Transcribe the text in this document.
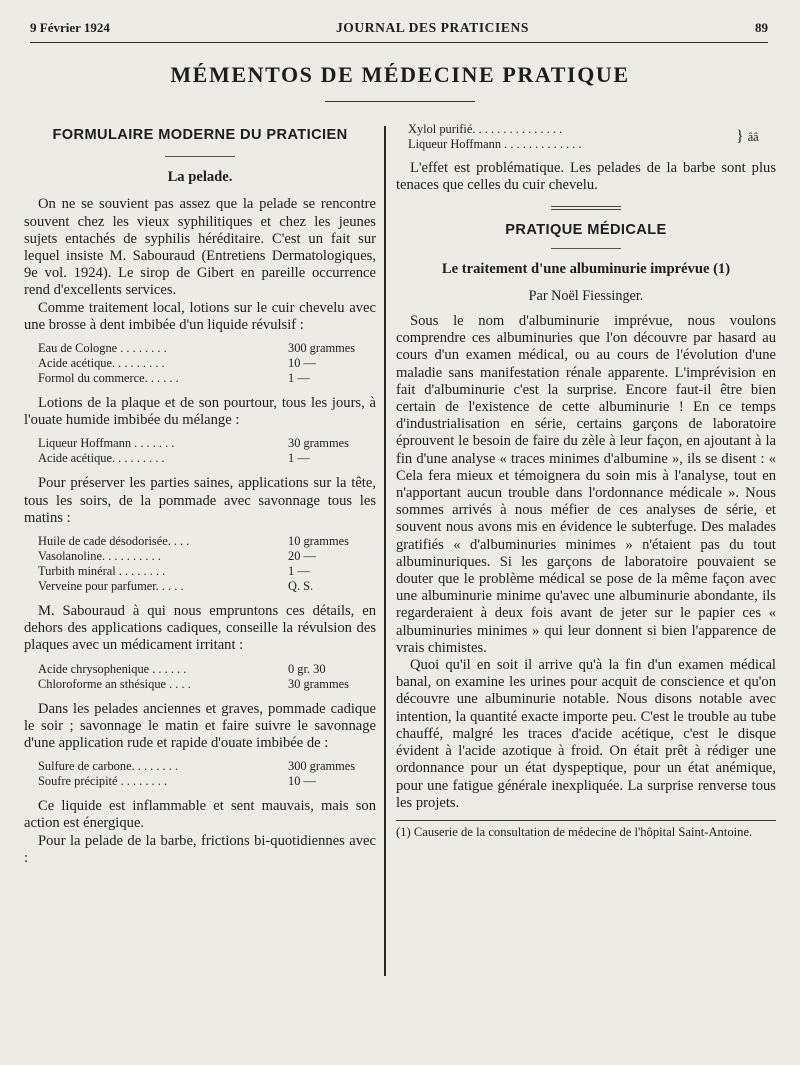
9 Février 1924	JOURNAL DES PRATICIENS	89
MÉMENTOS DE MÉDECINE PRATIQUE
FORMULAIRE MODERNE DU PRATICIEN
La pelade.

On ne se souvient pas assez que la pelade se rencontre souvent chez les vieux syphilitiques et chez les jeunes sujets entachés de syphilis héréditaire. C'est un fait sur lequel insiste M. Sabouraud (Entretiens Dermatologiques, 9e vol. 1924). Le sirop de Gibert en pareille occurrence rend d'excellents services.

Comme traitement local, lotions sur le cuir chevelu avec une brosse à dent imbibée d'un liquide révulsif :

Eau de Cologne . . . . . . . .	300 grammes
Acide acétique. . . . . . . . .	10 —
Formol du commerce. . . . . .	1 —

Lotions de la plaque et de son pourtour, tous les jours, à l'ouate humide imbibée du mélange :

Liqueur Hoffmann . . . . . . .	30 grammes
Acide acétique. . . . . . . . .	1 —

Pour préserver les parties saines, applications sur la tête, tous les soirs, de la pommade avec savonnage tous les matins :

Huile de cade désodorisée. . . .	10 grammes
Vasolanoline. . . . . . . . . .	20 —
Turbith minéral . . . . . . . .	1 —
Verveine pour parfumer. . . . .	Q. S.

M. Sabouraud à qui nous empruntons ces détails, en dehors des applications cadiques, conseille la révulsion des plaques avec un médicament irritant :

Acide chrysophenique . . . . . .	0 gr. 30
Chloroforme an sthésique . . . .	30 grammes

Dans les pelades anciennes et graves, pommade cadique le soir ; savonnage le matin et faire suivre le savonnage d'une application rude et rapide d'ouate imbibée de :

Sulfure de carbone. . . . . . . .	300 grammes
Soufre précipité . . . . . . . .	10 —

Ce liquide est inflammable et sent mauvais, mais son action est énergique.

Pour la pelade de la barbe, frictions bi-quotidiennes avec :

Xylol purifié. . . . . . . . . . . . . . .	} ââ
Liqueur Hoffmann . . . . . . . . . . . . .

L'effet est problématique. Les pelades de la barbe sont plus tenaces que celles du cuir chevelu.

PRATIQUE MÉDICALE
Le traitement d'une albuminurie imprévue (1)
Par Noël Fiessinger.

Sous le nom d'albuminurie imprévue, nous voulons comprendre ces albuminuries que l'on découvre par hasard au cours d'un examen médical, ou au cours de l'évolution d'une maladie sans manifestation rénale apparente. L'imprévision en fait d'albuminurie c'est la surprise. Encore faut-il être bien certain de l'existence de cette albuminurie ! En ce temps d'industrialisation en série, certains garçons de laboratoire éprouvent le besoin de faire du zèle à leur façon, en ajoutant à la fin d'une analyse « traces minimes d'albumine », ils se disent : « Cela fera mieux et témoignera du soin mis à l'analyse, tout en n'apportant aucun trouble dans l'ordonnance médicale ». Nous sommes arrivés à nous méfier de ces analyses de série, et souvent nous avons mis en évidence le subterfuge. Des malades gratifiés « d'albuminuries minimes » n'étaient pas du tout albuminuriques. Si les garçons de laboratoire pouvaient se douter que le problème médical se pose de la même façon avec une albuminurie minime qu'avec une albuminurie abondante, ils regarderaient à deux fois avant de jeter sur le papier ces « albuminuries minimes » qui leur donnent si bien l'apparence de vrais chimistes.

Quoi qu'il en soit il arrive qu'à la fin d'un examen médical banal, on examine les urines pour acquit de conscience et qu'on découvre une albuminurie notable. Nous disons notable avec intention, la quantité exacte importe peu. C'est le trouble au tube chauffé, malgré les traces d'acide acétique, c'est le disque évident à l'acide azotique à froid. On était prêt à rédiger une ordonnance pour un état dyspeptique, pour un état anémique, pour une fatigue générale inexpliquée. La surprise renverse tous les projets.

(1) Causerie de la consultation de médecine de l'hôpital Saint-Antoine.
